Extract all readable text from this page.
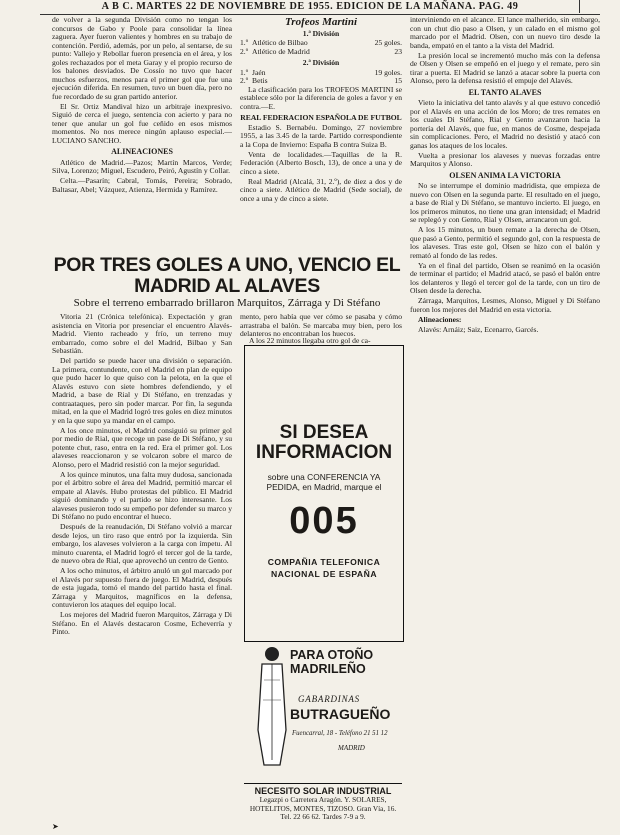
A B C. MARTES 22 DE NOVIEMBRE DE 1955. EDICION DE LA MAÑANA. PAG. 49

de volver a la segunda División como no tengan los concursos de Gabo y Poole para consolidar la línea zaguera. Ayer fueron valientes y hombres en su trabajo de contención. Perdió, además, por un pelo, al sentarse, de su punto: Vallejo y Rebollar fueron presencia en el área, y los goles rechazados por el meta Garay y el propio recurso de los balones desviados. De Cossío no tuvo que hacer muchos esfuerzos, menos para el primer gol que fue una ejecución diferida. En resumen, tuvo un buen día, pero no fue recordado de su gran partido anterior.

El Sr. Ortiz Mandival hizo un arbitraje inexpresivo. Siguió de cerca el juego, sentencia con acierto y para no tener que anular un gol fue ceñido en esos mismos momentos. No nos merece ningún aplauso especial.—LUCIANO SANCHO.

ALINEACIONES

Atlético de Madrid.—Pazos; Martín Marcos, Verde; Silva, Lorenzo; Miguel, Escudero, Peiró, Agustín y Collar.

Celta.—Pasarín; Cabral, Tomás, Pereira; Sobrado, Baltasar, Abel; Vázquez, Atienza, Hermida y Ramírez.

Trofeos Martini
1.ª División
1.º	Atlético de Bilbao	25 goles.
2.º	Atlético de Madrid	23
2.ª División
1.º	Jaén	19 goles.
2.º	Betis	15

La clasificación para los TROFEOS MARTINI se establece sólo por la diferencia de goles a favor y en contra.—E.

REAL FEDERACION ESPAÑOLA DE FUTBOL

Estadio S. Bernabéu. Domingo, 27 noviembre 1955, a las 3.45 de la tarde. Partido correspondiente a la Copa de Invierno: España B contra Suiza B.

Venta de localidades.—Taquillas de la R. Federación (Alberto Bosch, 13), de once a una y de cinco a siete.

Real Madrid (Alcalá, 31, 2.º), de diez a dos y de cinco a siete. Atlético de Madrid (Sede social), de once a una y de cinco a siete.

POR TRES GOLES A UNO, VENCIO EL MADRID AL ALAVES
Sobre el terreno embarrado brillaron Marquitos, Zárraga y Di Stéfano

Vitoria 21 (Crónica telefónica). Expectación y gran asistencia en Vitoria por presenciar el encuentro Alavés-Madrid. Viento racheado y frío, un terreno muy embarrado, como sobre el del Madrid, Bilbao y San Sebastián.

Del partido se puede hacer una división o separación. La primera, contundente, con el Madrid en plan de equipo que pudo hacer lo que quiso con la pelota, en la que el Alavés estuvo con siete hombres defendiendo, y el Madrid, a base de Rial y Di Stéfano, en trenzadas y contraataques, pero sin poder marcar. Por fin, la segunda mitad, en la que el Madrid logró tres goles en diez minutos y en la que supo ya mandar en el campo.

A los once minutos, el Madrid consiguió su primer gol por medio de Rial, que recoge un pase de Di Stéfano, y su potente chut, raso, entra en la red. Era el primer gol. Los alaveses reaccionaron y se volcaron sobre el marco de Alonso, pero el Madrid resistió con la mejor seguridad.

A los quince minutos, una falta muy dudosa, sancionada por el árbitro sobre el área del Madrid, permitió marcar el empate al Alavés. Hubo protestas del público. El Madrid siguió dominando y el partido se hizo interesante. Los alaveses pusieron todo su empeño por defender su marco y Di Stéfano no pudo encontrar el hueco.

Después de la reanudación, Di Stéfano volvió a marcar desde lejos, un tiro raso que entró por la izquierda. Sin embargo, los alaveses volvieron a la carga con ímpetu. Al minuto cuarenta, el Madrid logró el tercer gol de la tarde, de nuevo obra de Rial, que aprovechó un centro de Gento.

A los ocho minutos, el árbitro anuló un gol marcado por el Alavés por supuesto fuera de juego. El Madrid, después de esta jugada, tomó el mando del partido hasta el final. Zárraga y Marquitos, magníficos en la defensa, contuvieron los ataques del equipo local.

Los mejores del Madrid fueron Marquitos, Zárraga y Di Stéfano. En el Alavés destacaron Cosme, Echeverría y Pinto.

mento, pero había que ver cómo se pasaba y cómo arrastraba el balón. Se marcaba muy bien, pero los delanteros no encontraban los huecos.

A los 22 minutos llegaba otro gol de ca-
SI DESEA
INFORMACION
sobre una CONFERENCIA YA PEDIDA, en Madrid, marque el
005
COMPAÑIA TELEFONICA NACIONAL DE ESPAÑA
PARA OTOÑO
MADRILEÑO
GABARDINAS
BUTRAGUEÑO
Fuencarral, 18 - Teléfono 21 51 12
MADRID
NECESITO SOLAR INDUSTRIAL
Legazpi o Carretera Aragón. Y. SOLARES, HOTELITOS, MONTES, TIZOSO. Gran Vía, 16. Tel. 22 66 62. Tardes 7-9 a 9.

interviniendo en el alcance. El lance malherido, sin embargo, con un chut dio paso a Olsen, y un calado en el mismo gol marcado por el Madrid. Olsen, con un nuevo tiro desde la banda, empató en el tanto a la vista del Madrid.

La presión local se incrementó mucho más con la defensa de Olsen y Olsen se empeñó en el juego y el remate, pero sin tirar a puerta. El Madrid se lanzó a atacar sobre la puerta con Alonso, pero la defensa resistió el empuje del Alavés.

EL TANTO ALAVES

Vieto la iniciativa del tanto alavés y al que estuvo concedió por el Alavés en una acción de los Moro; de tres remates en los cuales Di Stéfano, Rial y Gento avanzaron hacia la portería del Alavés, que fue, en manos de Cosme, despejada sin complicaciones. Pero, el Madrid no desistió y atacó con ganas los ataques de los locales.

Vuelta a presionar los alaveses y nuevas forzadas entre Marquitos y Alonso.

OLSEN ANIMA LA VICTORIA

No se interrumpe el dominio madridista, que empieza de nuevo con Olsen en la segunda parte. El resultado en el juego, a base de Rial y Di Stéfano, se mantuvo incierto. El juego, en los primeros minutos, no tiene una gran intensidad; el Madrid se replegó y con Gento, Rial y Olsen, arrancaron un gol.

A los 15 minutos, un buen remate a la derecha de Olsen, que pasó a Gento, permitió el segundo gol, con la respuesta de los alaveses. Tras este gol, Olsen se hizo con el balón y remató al fondo de las redes.

Ya en el final del partido, Olsen se reanimó en la ocasión de terminar el partido; el Madrid atacó, se pasó el balón entre los delanteros y llegó el tercer gol de la tarde, con un tiro de Olsen desde la derecha.

Zárraga, Marquitos, Lesmes, Alonso, Miguel y Di Stéfano fueron los mejores del Madrid en esta victoria.

Alineaciones:

Alavés: Arnáiz; Saiz, Ecenarro, Garcés.

➤
